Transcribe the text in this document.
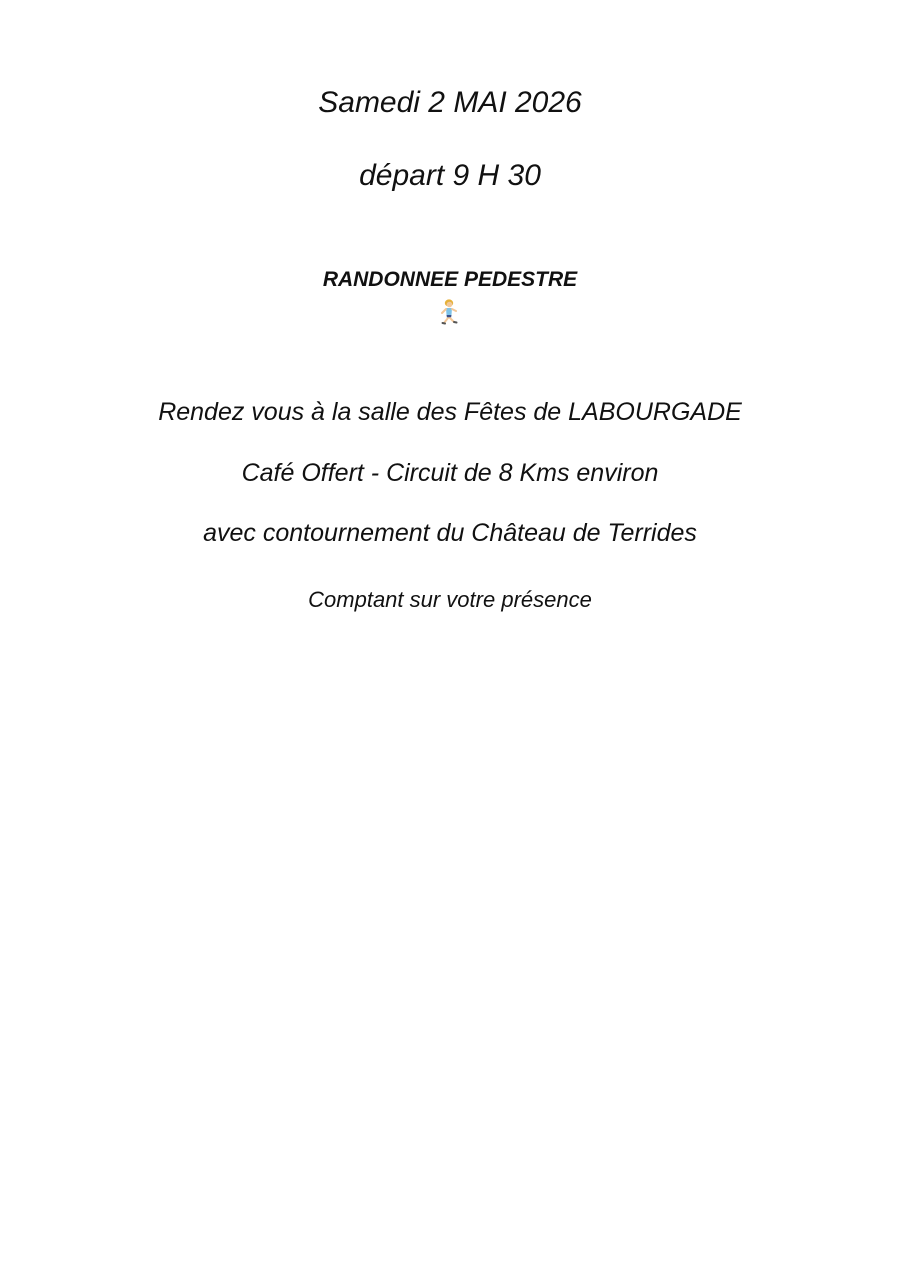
Samedi 2 MAI 2026
départ 9 H 30
RANDONNEE PEDESTRE
Rendez vous à la salle des Fêtes de LABOURGADE
Café Offert - Circuit de 8 Kms environ
avec contournement du Château de Terrides
Comptant sur votre présence
